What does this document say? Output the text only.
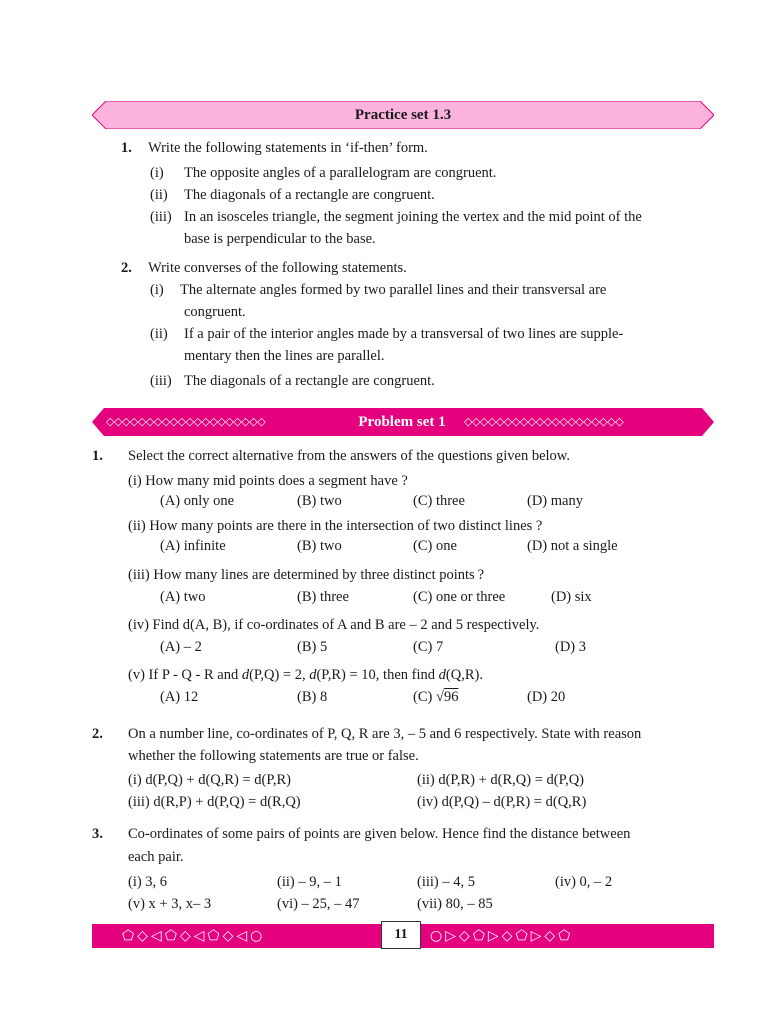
Practice set 1.3
1. Write the following statements in ‘if-then’ form.
(i) The opposite angles of a parallelogram are congruent.
(ii) The diagonals of a rectangle are congruent.
(iii) In an isosceles triangle, the segment joining the vertex and the mid point of the
base is perpendicular to the base.
2. Write converses of the following statements.
(i) The alternate angles formed by two parallel lines and their transversal are
congruent.
(ii) If a pair of the interior angles made by a transversal of two lines are supple-
mentary then the lines are parallel.
(iii) The diagonals of a rectangle are congruent.
◇◇◇◇◇◇◇◇◇◇◇◇◇◇◇◇◇◇◇◇	Problem set 1	◇◇◇◇◇◇◇◇◇◇◇◇◇◇◇◇◇◇◇◇
1. Select the correct alternative from the answers of the questions given below.
(i) How many mid points does a segment have ?
(A) only one	(B) two	(C) three	(D) many
(ii) How many points are there in the intersection of two distinct lines ?
(A) infinite	(B) two	(C) one	(D) not a single
(iii) How many lines are determined by three distinct points ?
(A) two	(B) three	(C) one or three	(D) six
(iv) Find d(A, B), if co-ordinates of A and B are – 2 and 5 respectively.
(A) – 2	(B) 5	(C) 7	(D) 3
(v) If P - Q - R and d(P,Q) = 2, d(P,R) = 10, then find d(Q,R).
(A) 12	(B) 8	(C) √96	(D) 20
2. On a number line, co-ordinates of P, Q, R are 3, – 5 and 6 respectively. State with reason
whether the following statements are true or false.
(i) d(P,Q) + d(Q,R) = d(P,R)	(ii) d(P,R) + d(R,Q) = d(P,Q)
(iii) d(R,P) + d(P,Q) = d(R,Q)	(iv) d(P,Q) – d(P,R) = d(Q,R)
3. Co-ordinates of some pairs of points are given below. Hence find the distance between
each pair.
(i) 3, 6	(ii) – 9, – 1	(iii) – 4, 5	(iv) 0, – 2
(v) x + 3, x– 3	(vi) – 25, – 47	(vii) 80, – 85
⬠◇◁⬠◇◁⬠◇◁○	○▷◇⬠▷◇⬠▷◇⬠
11
